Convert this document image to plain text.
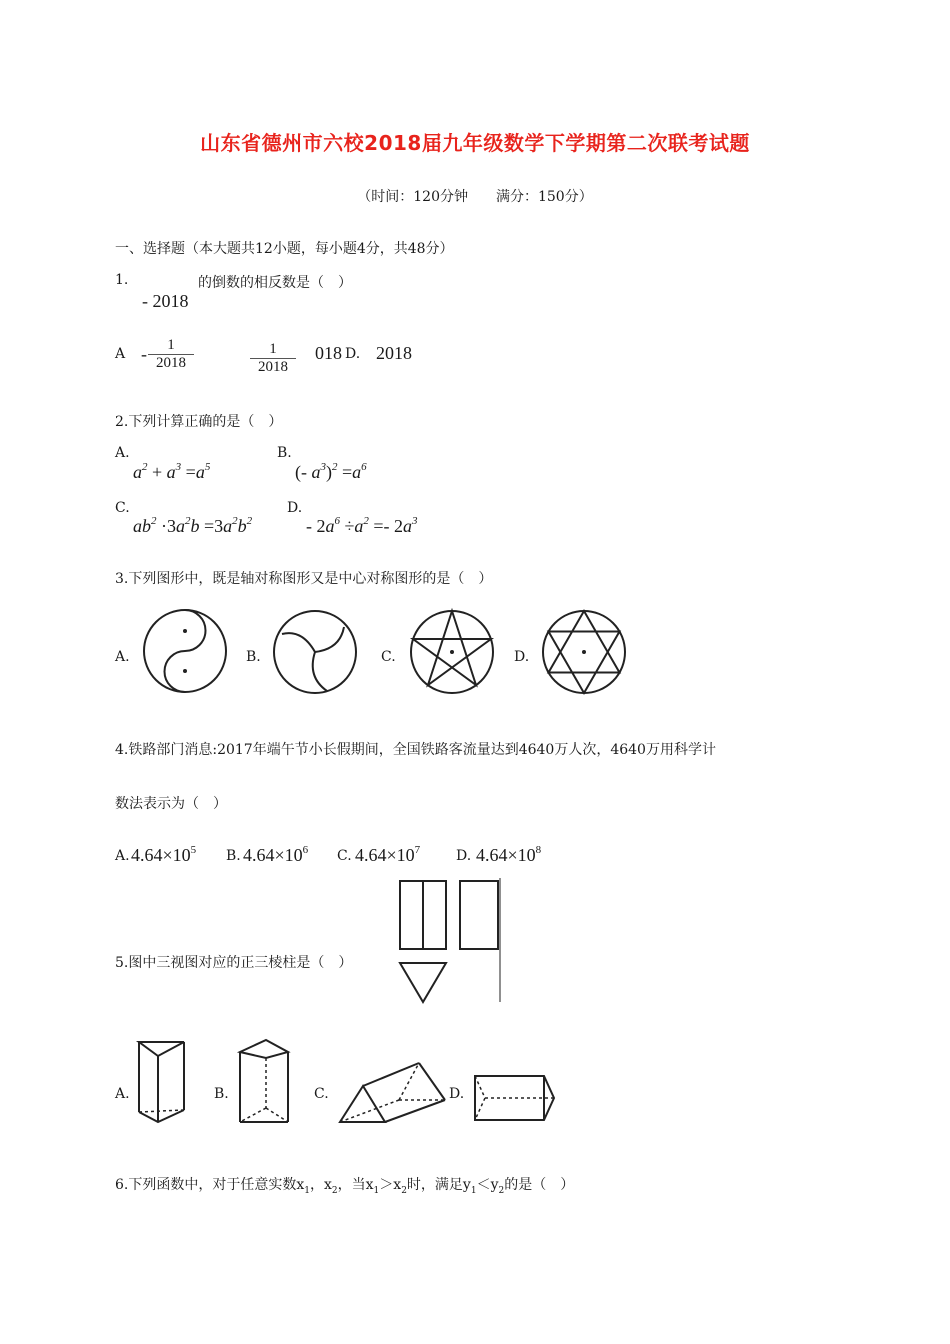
山东省德州市六校2018届九年级数学下学期第二次联考试题
（时间：120分钟　　满分：150分）
一、选择题（本大题共12小题，每小题4分，共48分）
1.	的倒数的相反数是（　）
- 2018
A -	1
2018
1
2018
018 D. 2018
2.下列计算正确的是（　）
A.
$a^2 + a^3 =a^5$
B.
(- $a^3)^2 =a^6$
C.
$ab^2 \cdot 3a^2b =3a^2b^2$
D.
- $2a^6 \div a^2 =- 2a^3$
3.下列图形中，既是轴对称图形又是中心对称图形的是（　）
A.	B.	C.	D.
4.铁路部门消息:2017年端午节小长假期间，全国铁路客流量达到4640万人次，4640万用科学计
数法表示为（　）
A. $4.64\times 10^5$ B. $4.64\times 10^6$ C. $4.64\times 10^7$	D. $4.64\times 10^8$
5.图中三视图对应的正三棱柱是（　）
A.	B.	C.	D.
6.下列函数中，对于任意实数$x_1$，$x_2$，当$x_1>x_2$时，满足$y_1<y_2$的是（　）
